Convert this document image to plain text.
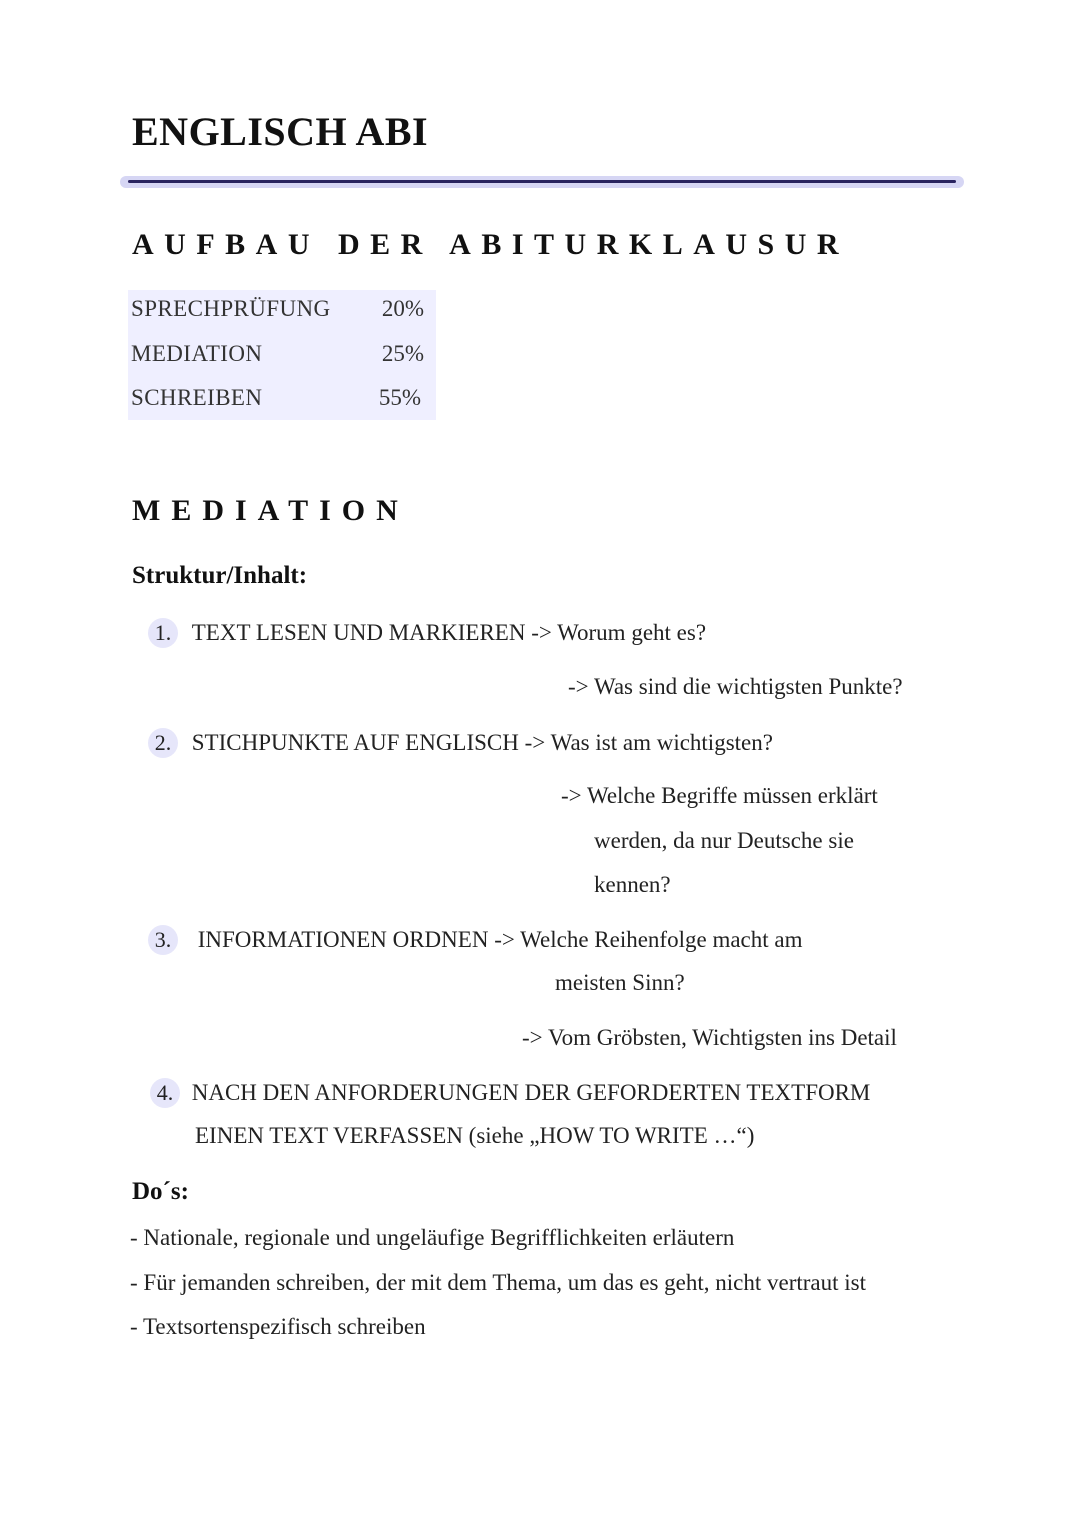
ENGLISCH ABI
AUFBAU DER ABITURKLAUSUR
SPRECHPRÜFUNG	20%
MEDIATION	25%
SCHREIBEN	55%
MEDIATION
Struktur/Inhalt:
1. TEXT LESEN UND MARKIEREN -> Worum geht es?
-> Was sind die wichtigsten Punkte?
2. STICHPUNKTE AUF ENGLISCH -> Was ist am wichtigsten?
-> Welche Begriffe müssen erklärt
werden, da nur Deutsche sie
kennen?
3. INFORMATIONEN ORDNEN -> Welche Reihenfolge macht am
meisten Sinn?
-> Vom Gröbsten, Wichtigsten ins Detail
4. NACH DEN ANFORDERUNGEN DER GEFORDERTEN TEXTFORM
EINEN TEXT VERFASSEN (siehe „HOW TO WRITE …“)
Do´s:
- Nationale, regionale und ungeläufige Begrifflichkeiten erläutern
- Für jemanden schreiben, der mit dem Thema, um das es geht, nicht vertraut ist
- Textsortenspezifisch schreiben
